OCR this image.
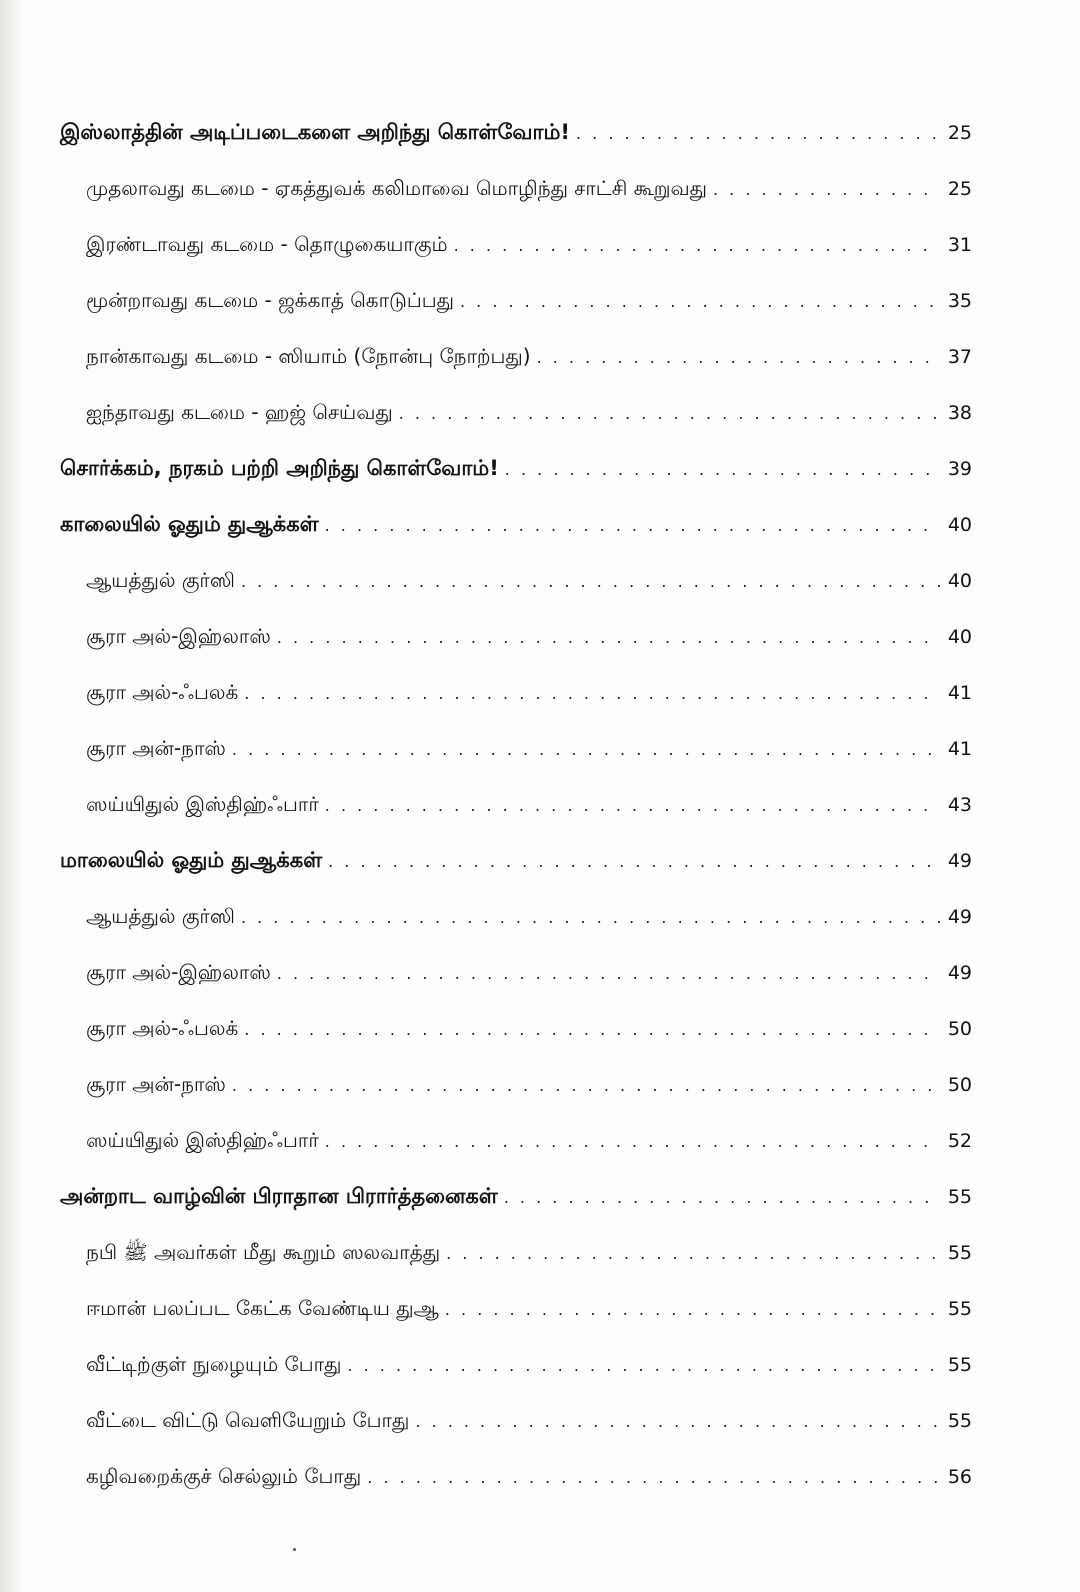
இஸ்லாத்தின் அடிப்படைகளை அறிந்து கொள்வோம்! . . .	25
முதலாவது கடமை - ஏகத்துவக் கலிமாவை மொழிந்து சாட்சி கூறுவது . . .	25
இரண்டாவது கடமை - தொழுகையாகும் . . .	31
மூன்றாவது கடமை - ஜக்காத் கொடுப்பது . . .	35
நான்காவது கடமை - ஸியாம் (நோன்பு நோற்பது) . . .	37
ஐந்தாவது கடமை - ஹஜ் செய்வது . . .	38
சொர்க்கம், நரகம் பற்றி அறிந்து கொள்வோம்! . . .	39
காலையில் ஓதும் துஆக்கள் . . .	40
ஆயத்துல் குர்ஸி . . .	40
சூரா அல்-இஹ்லாஸ் . . .	40
சூரா அல்-ஃபலக் . . .	41
சூரா அன்-நாஸ் . . .	41
ஸய்யிதுல் இஸ்திஹ்ஃபார் . . .	43
மாலையில் ஓதும் துஆக்கள் . . .	49
ஆயத்துல் குர்ஸி . . .	49
சூரா அல்-இஹ்லாஸ் . . .	49
சூரா அல்-ஃபலக் . . .	50
சூரா அன்-நாஸ் . . .	50
ஸய்யிதுல் இஸ்திஹ்ஃபார் . . .	52
அன்றாட வாழ்வின் பிராதான பிரார்த்தனைகள் . . .	55
நபி ﷺ அவர்கள் மீது கூறும் ஸலவாத்து . . .	55
ஈமான் பலப்பட கேட்க வேண்டிய துஆ . . .	55
வீட்டிற்குள் நுழையும் போது . . .	55
வீட்டை விட்டு வெளியேறும் போது . . .	55
கழிவறைக்குச் செல்லும் போது . . .	56
